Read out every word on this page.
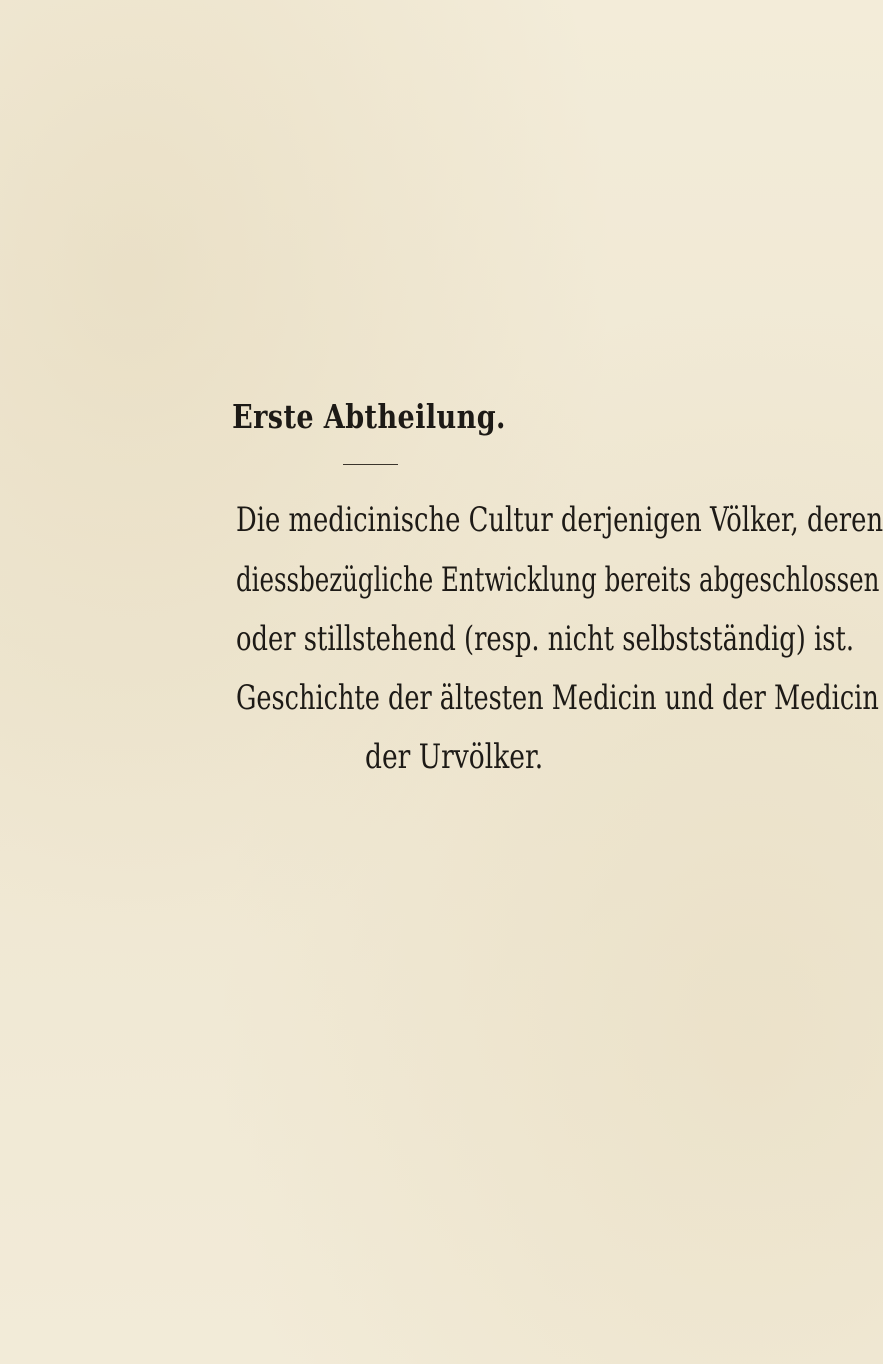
Erste Abtheilung.

Die medicinische Cultur derjenigen Völker, deren

diessbezügliche Entwicklung bereits abgeschlossen

oder stillstehend (resp. nicht selbstständig) ist.

Geschichte der ältesten Medicin und der Medicin

der Urvölker.
